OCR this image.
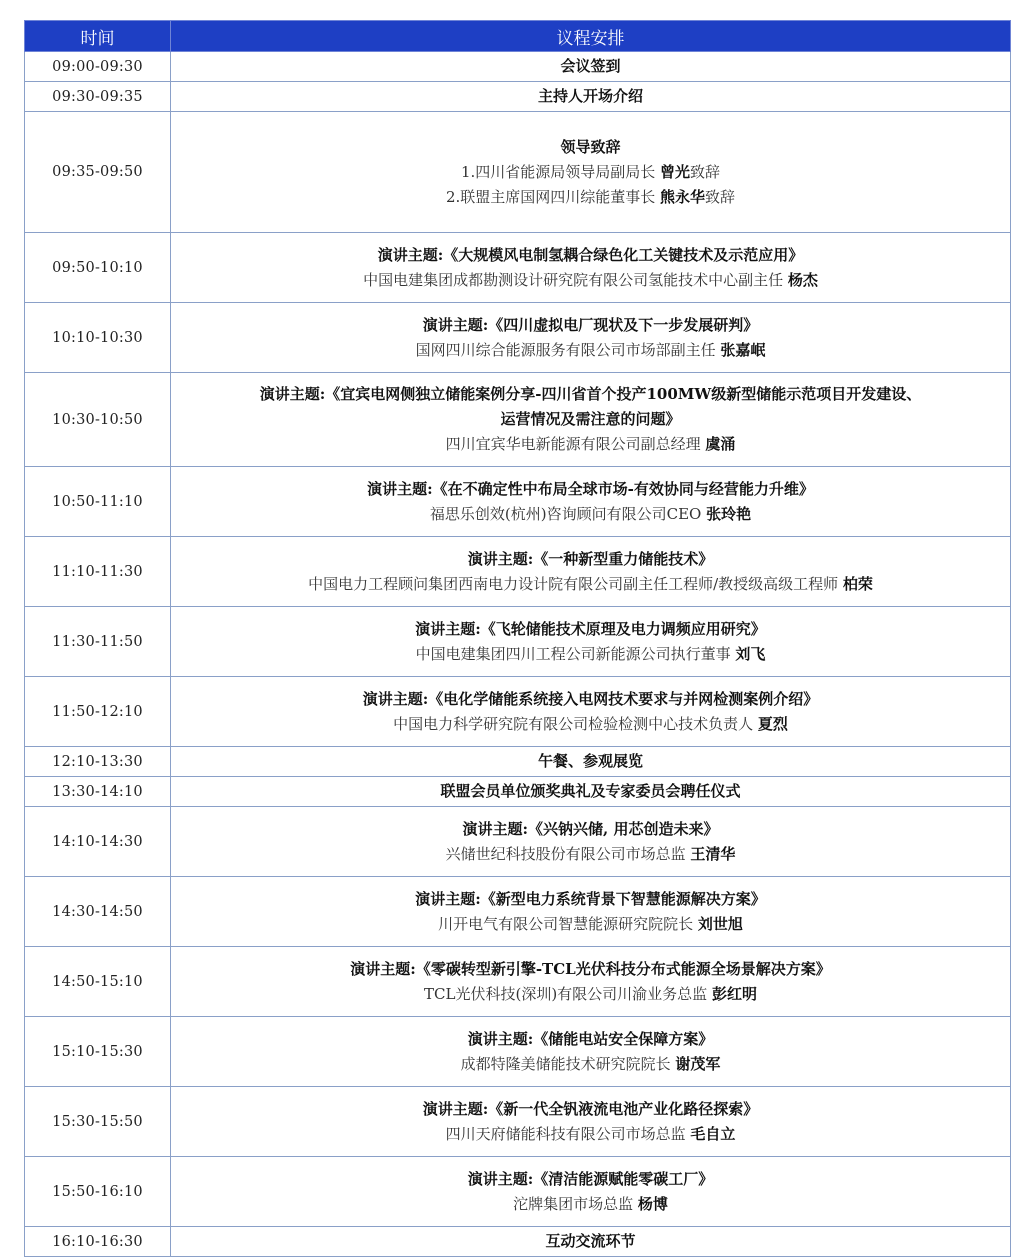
时间	议程安排
09:00-09:30	会议签到

09:30-09:35	主持人开场介绍

09:35-09:50	领导致辞
1.四川省能源局领导局副局长 曾光致辞
2.联盟主席国网四川综能董事长 熊永华致辞

09:50-10:10	演讲主题:《大规模风电制氢耦合绿色化工关键技术及示范应用》
中国电建集团成都勘测设计研究院有限公司氢能技术中心副主任 杨杰

10:10-10:30	演讲主题:《四川虚拟电厂现状及下一步发展研判》
国网四川综合能源服务有限公司市场部副主任 张嘉岷

10:30-10:50	演讲主题:《宜宾电网侧独立储能案例分享-四川省首个投产100MW级新型储能示范项目开发建设、
运营情况及需注意的问题》
四川宜宾华电新能源有限公司副总经理 虞涌

10:50-11:10	演讲主题:《在不确定性中布局全球市场-有效协同与经营能力升维》
福思乐创效(杭州)咨询顾问有限公司CEO 张玲艳

11:10-11:30	演讲主题:《一种新型重力储能技术》
中国电力工程顾问集团西南电力设计院有限公司副主任工程师/教授级高级工程师 柏荣

11:30-11:50	演讲主题:《飞轮储能技术原理及电力调频应用研究》
中国电建集团四川工程公司新能源公司执行董事 刘飞

11:50-12:10	演讲主题:《电化学储能系统接入电网技术要求与并网检测案例介绍》
中国电力科学研究院有限公司检验检测中心技术负责人 夏烈

12:10-13:30	午餐、参观展览

13:30-14:10	联盟会员单位颁奖典礼及专家委员会聘任仪式

14:10-14:30	演讲主题:《兴钠兴储, 用芯创造未来》
兴储世纪科技股份有限公司市场总监 王清华

14:30-14:50	演讲主题:《新型电力系统背景下智慧能源解决方案》
川开电气有限公司智慧能源研究院院长 刘世旭

14:50-15:10	演讲主题:《零碳转型新引擎-TCL光伏科技分布式能源全场景解决方案》
TCL光伏科技(深圳)有限公司川渝业务总监 彭红明

15:10-15:30	演讲主题:《储能电站安全保障方案》
成都特隆美储能技术研究院院长 谢茂军

15:30-15:50	演讲主题:《新一代全钒液流电池产业化路径探索》
四川天府储能科技有限公司市场总监 毛自立

15:50-16:10	演讲主题:《清洁能源赋能零碳工厂》
沱牌集团市场总监 杨博

16:10-16:30	互动交流环节
